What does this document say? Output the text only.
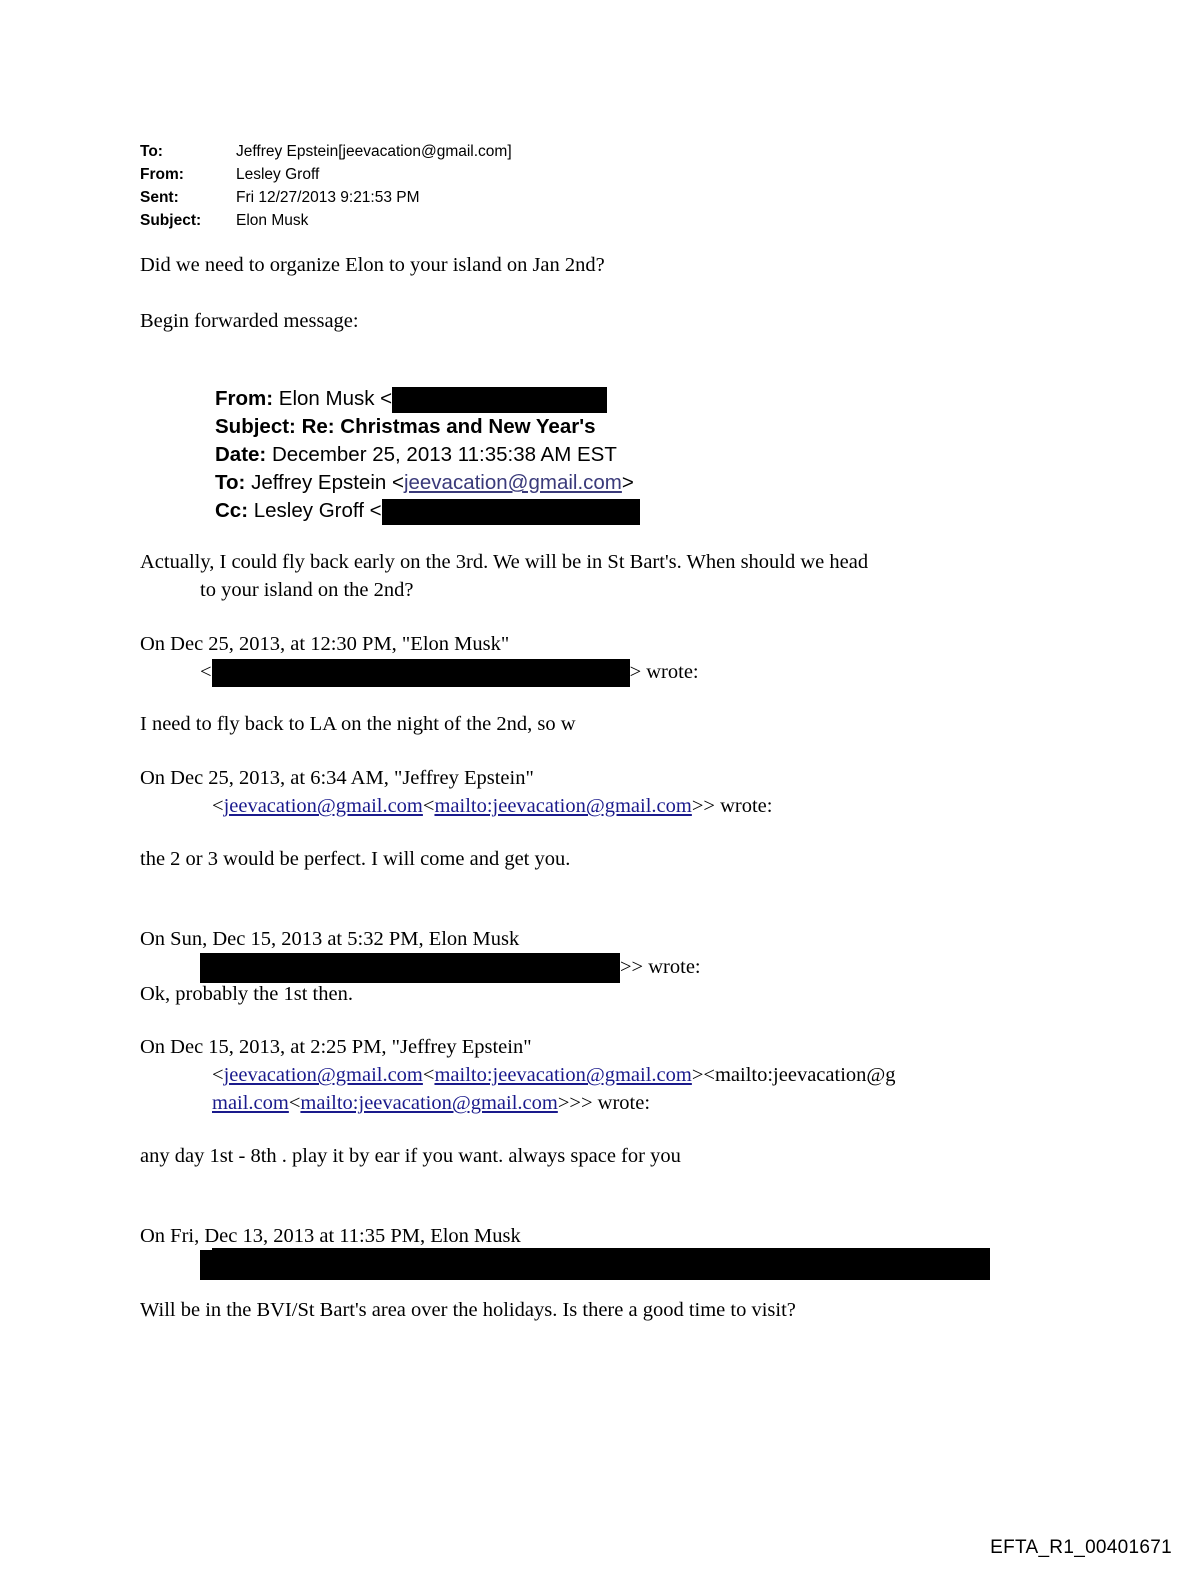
To:	Jeffrey Epstein[jeevacation@gmail.com]
From:	Lesley Groff
Sent:	Fri 12/27/2013 9:21:53 PM
Subject:	Elon Musk
Did we need to organize Elon to your island on Jan 2nd?
Begin forwarded message:
From: Elon Musk <
Subject: Re: Christmas and New Year's
Date: December 25, 2013 11:35:38 AM EST
To: Jeffrey Epstein <jeevacation@gmail.com>
Cc: Lesley Groff <
Actually, I could fly back early on the 3rd. We will be in St Bart's. When should we head
to your island on the 2nd?
On Dec 25, 2013, at 12:30 PM, "Elon Musk"
<	> wrote:
I need to fly back to LA on the night of the 2nd, so w
On Dec 25, 2013, at 6:34 AM, "Jeffrey Epstein"
<jeevacation@gmail.com<mailto:jeevacation@gmail.com>> wrote:
the 2 or 3 would be perfect. I will come and get you.
On Sun, Dec 15, 2013 at 5:32 PM, Elon Musk
>> wrote:
Ok, probably the 1st then.
On Dec 15, 2013, at 2:25 PM, "Jeffrey Epstein"
<jeevacation@gmail.com<mailto:jeevacation@gmail.com><mailto:jeevacation@g
mail.com<mailto:jeevacation@gmail.com>>> wrote:
any day 1st - 8th . play it by ear if you want. always space for you
On Fri, Dec 13, 2013 at 11:35 PM, Elon Musk
Will be in the BVI/St Bart's area over the holidays. Is there a good time to visit?
EFTA_R1_00401671
